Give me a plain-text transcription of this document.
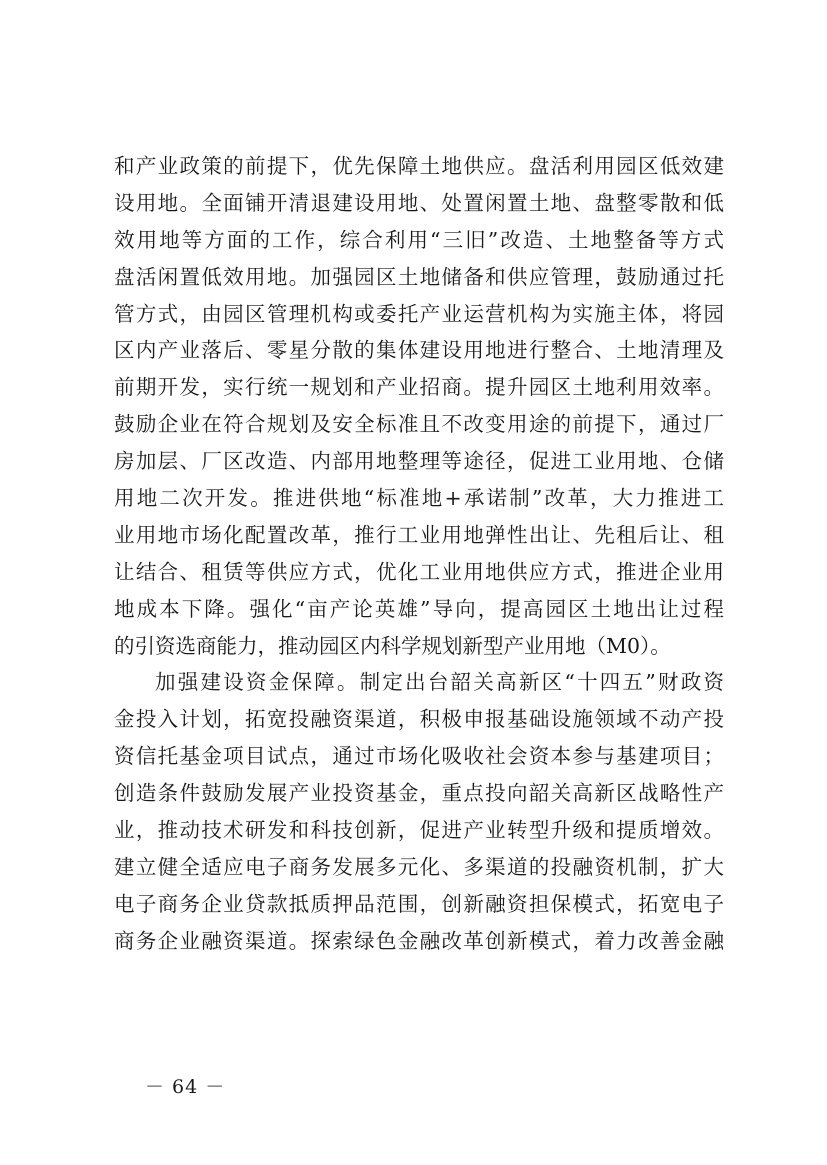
和产业政策的前提下，优先保障土地供应。盘活利用园区低效建
设用地。全面铺开清退建设用地、处置闲置土地、盘整零散和低
效用地等方面的工作，综合利用“三旧”改造、土地整备等方式
盘活闲置低效用地。加强园区土地储备和供应管理，鼓励通过托
管方式，由园区管理机构或委托产业运营机构为实施主体，将园
区内产业落后、零星分散的集体建设用地进行整合、土地清理及
前期开发，实行统一规划和产业招商。提升园区土地利用效率。
鼓励企业在符合规划及安全标准且不改变用途的前提下，通过厂
房加层、厂区改造、内部用地整理等途径，促进工业用地、仓储
用地二次开发。推进供地“标准地+承诺制”改革，大力推进工
业用地市场化配置改革，推行工业用地弹性出让、先租后让、租
让结合、租赁等供应方式，优化工业用地供应方式，推进企业用
地成本下降。强化“亩产论英雄”导向，提高园区土地出让过程
的引资选商能力，推动园区内科学规划新型产业用地（M0）。
加强建设资金保障。制定出台韶关高新区“十四五”财政资
金投入计划，拓宽投融资渠道，积极申报基础设施领域不动产投
资信托基金项目试点，通过市场化吸收社会资本参与基建项目；
创造条件鼓励发展产业投资基金，重点投向韶关高新区战略性产
业，推动技术研发和科技创新，促进产业转型升级和提质增效。
建立健全适应电子商务发展多元化、多渠道的投融资机制，扩大
电子商务企业贷款抵质押品范围，创新融资担保模式，拓宽电子
商务企业融资渠道。探索绿色金融改革创新模式，着力改善金融
－ 64 －
